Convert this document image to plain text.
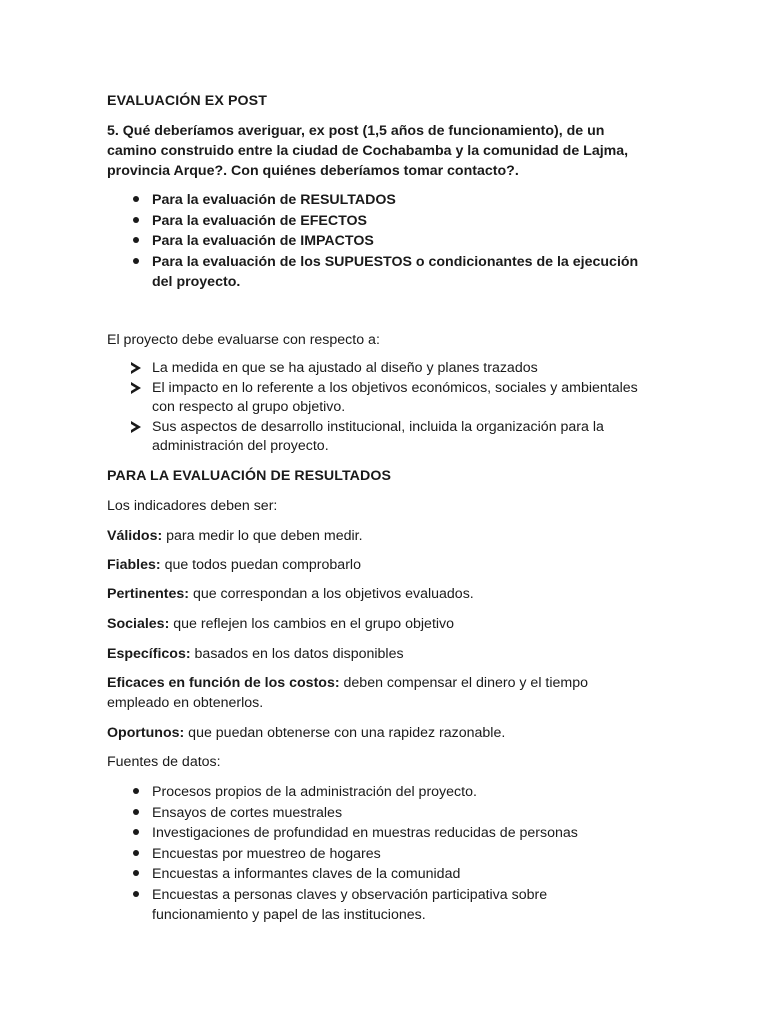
EVALUACIÓN EX POST

5. Qué deberíamos averiguar, ex post (1,5 años de funcionamiento), de un camino construido entre la ciudad de Cochabamba y la comunidad de Lajma, provincia Arque?. Con quiénes deberíamos tomar contacto?.

Para la evaluación de RESULTADOS
Para la evaluación de EFECTOS
Para la evaluación de IMPACTOS
Para la evaluación de los SUPUESTOS o condicionantes de la ejecución del proyecto.

El proyecto debe evaluarse con respecto a:

La medida en que se ha ajustado al diseño y planes trazados
El impacto en lo referente a los objetivos económicos, sociales y ambientales con respecto al grupo objetivo.
Sus aspectos de desarrollo institucional, incluida la organización para la administración del proyecto.

PARA LA EVALUACIÓN DE RESULTADOS

Los indicadores deben ser:

Válidos: para medir lo que deben medir.

Fiables: que todos puedan comprobarlo

Pertinentes: que correspondan a los objetivos evaluados.

Sociales: que reflejen los cambios en el grupo objetivo

Específicos: basados en los datos disponibles

Eficaces en función de los costos: deben compensar el dinero y el tiempo empleado en obtenerlos.

Oportunos: que puedan obtenerse con una rapidez razonable.

Fuentes de datos:

Procesos propios de la administración del proyecto.
Ensayos de cortes muestrales
Investigaciones de profundidad en muestras reducidas de personas
Encuestas por muestreo de hogares
Encuestas a informantes claves de la comunidad
Encuestas a personas claves y observación participativa sobre funcionamiento y papel de las instituciones.
